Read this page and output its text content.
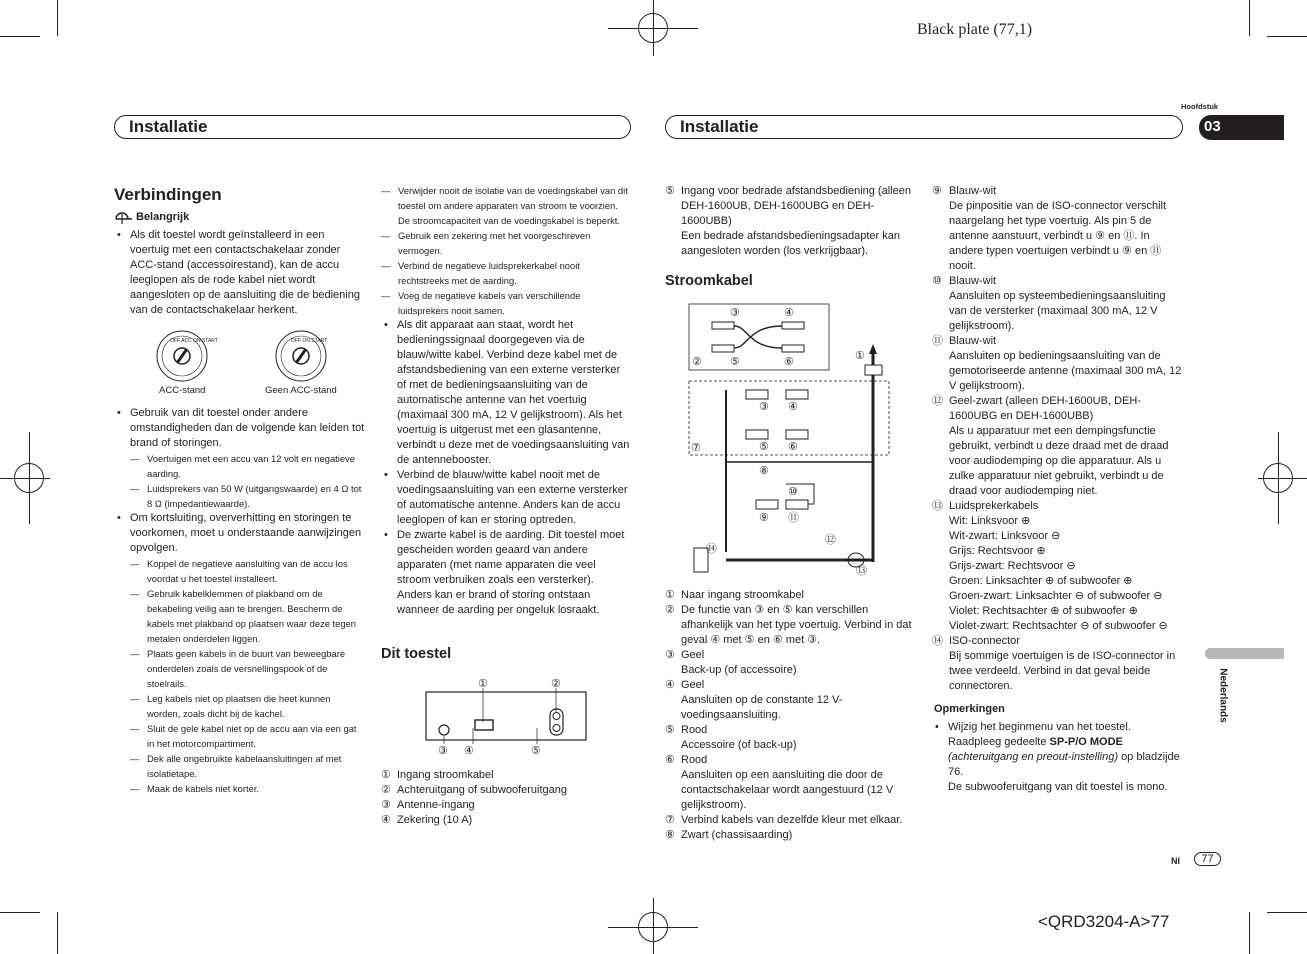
Black plate (77,1)
Installatie	Installatie
Hoofdstuk
03
Nederlands
Verbindingen
Belangrijk

• Als dit toestel wordt geïnstalleerd in een voertuig met een contactschakelaar zonder ACC-stand (accessoirestand), kan de accu leeglopen als de rode kabel niet wordt aangesloten op de aansluiting die de bediening van de contactschakelaar herkent.

OFF ACC ON START	OFF ON START
ACC-stand	Geen ACC-stand

• Gebruik van dit toestel onder andere omstandigheden dan de volgende kan leiden tot brand of storingen.

— Voertuigen met een accu van 12 volt en negatieve aarding.

— Luidsprekers van 50 W (uitgangswaarde) en 4 Ω tot 8 Ω (impedantiewaarde).

• Om kortsluiting, oververhitting en storingen te voorkomen, moet u onderstaande aanwijzingen opvolgen.

— Koppel de negatieve aansluiting van de accu los voordat u het toestel installeert.

— Gebruik kabelklemmen of plakband om de bekabeling veilig aan te brengen. Bescherm de kabels met plakband op plaatsen waar deze tegen metalen onderdelen liggen.

— Plaats geen kabels in de buurt van beweegbare onderdelen zoals de versnellingspook of de stoelrails.

— Leg kabels niet op plaatsen die heet kunnen worden, zoals dicht bij de kachel.

— Sluit de gele kabel niet op de accu aan via een gat in het motorcompartiment.

— Dek alle ongebruikte kabelaansluitingen af met isolatietape.

— Maak de kabels niet korter.

— Verwijder nooit de isolatie van de voedingskabel van dit toestel om andere apparaten van stroom te voorzien. De stroomcapaciteit van de voedingskabel is beperkt.

— Gebruik een zekering met het voorgeschreven vermogen.

— Verbind de negatieve luidsprekerkabel nooit rechtstreeks met de aarding.

— Voeg de negatieve kabels van verschillende luidsprekers nooit samen.

• Als dit apparaat aan staat, wordt het bedieningssignaal doorgegeven via de blauw/witte kabel. Verbind deze kabel met de afstandsbediening van een externe versterker of met de bedieningsaansluiting van de automatische antenne van het voertuig (maximaal 300 mA, 12 V gelijkstroom). Als het voertuig is uitgerust met een glasantenne, verbindt u deze met de voedingsaansluiting van de antennebooster.

• Verbind de blauw/witte kabel nooit met de voedingsaansluiting van een externe versterker of automatische antenne. Anders kan de accu leeglopen of kan er storing optreden.

• De zwarte kabel is de aarding. Dit toestel moet gescheiden worden geaard van andere apparaten (met name apparaten die veel stroom verbruiken zoals een versterker). Anders kan er brand of storing ontstaan wanneer de aarding per ongeluk losraakt.

Dit toestel
①	②
③ ④	⑤

① Ingang stroomkabel

② Achteruitgang of subwooferuitgang

③ Antenne-ingang

④ Zekering (10 A)

⑤ Ingang voor bedrade afstandsbediening (alleen DEH-1600UB, DEH-1600UBG en DEH-1600UBB)
Een bedrade afstandsbedieningsadapter kan aangesloten worden (los verkrijgbaar).

Stroomkabel
③	④
②	⑤	⑥	①
③ ④
⑤ ⑥
⑦
⑧
⑨
⑩
⑪
⑫
⑬
⑭

① Naar ingang stroomkabel

② De functie van ③ en ⑤ kan verschillen afhankelijk van het type voertuig. Verbind in dat geval ④ met ⑤ en ⑥ met ③.

③ Geel
Back-up (of accessoire)

④ Geel
Aansluiten op de constante 12 V-voedingsaansluiting.

⑤ Rood
Accessoire (of back-up)

⑥ Rood
Aansluiten op een aansluiting die door de contactschakelaar wordt aangestuurd (12 V gelijkstroom).

⑦ Verbind kabels van dezelfde kleur met elkaar.

⑧ Zwart (chassisaarding)

⑨ Blauw-wit
De pinpositie van de ISO-connector verschilt naargelang het type voertuig. Als pin 5 de antenne aanstuurt, verbindt u ⑨ en ⑪. In andere typen voertuigen verbindt u ⑨ en ⑪ nooit.

⑩ Blauw-wit
Aansluiten op systeembedieningsaansluiting van de versterker (maximaal 300 mA, 12 V gelijkstroom).

⑪ Blauw-wit
Aansluiten op bedieningsaansluiting van de gemotoriseerde antenne (maximaal 300 mA, 12 V gelijkstroom).

⑫ Geel-zwart (alleen DEH-1600UB, DEH-1600UBG en DEH-1600UBB)
Als u apparatuur met een dempingsfunctie gebruikt, verbindt u deze draad met de draad voor audiodemping op die apparatuur. Als u zulke apparatuur niet gebruikt, verbindt u de draad voor audiodemping niet.

⑬ Luidsprekerkabels
Wit: Linksvoor ⊕
Wit-zwart: Linksvoor ⊖
Grijs: Rechtsvoor ⊕
Grijs-zwart: Rechtsvoor ⊖
Groen: Linksachter ⊕ of subwoofer ⊕
Groen-zwart: Linksachter ⊖ of subwoofer ⊖
Violet: Rechtsachter ⊕ of subwoofer ⊕
Violet-zwart: Rechtsachter ⊖ of subwoofer ⊖

⑭ ISO-connector
Bij sommige voertuigen is de ISO-connector in twee verdeeld. Verbind in dat geval beide connectoren.

Opmerkingen

• Wijzig het beginmenu van het toestel. Raadpleeg gedeelte SP-P/O MODE (achteruitgang en preout-instelling) op bladzijde 76.
De subwooferuitgang van dit toestel is mono.

Nl	77
<QRD3204-A>77
